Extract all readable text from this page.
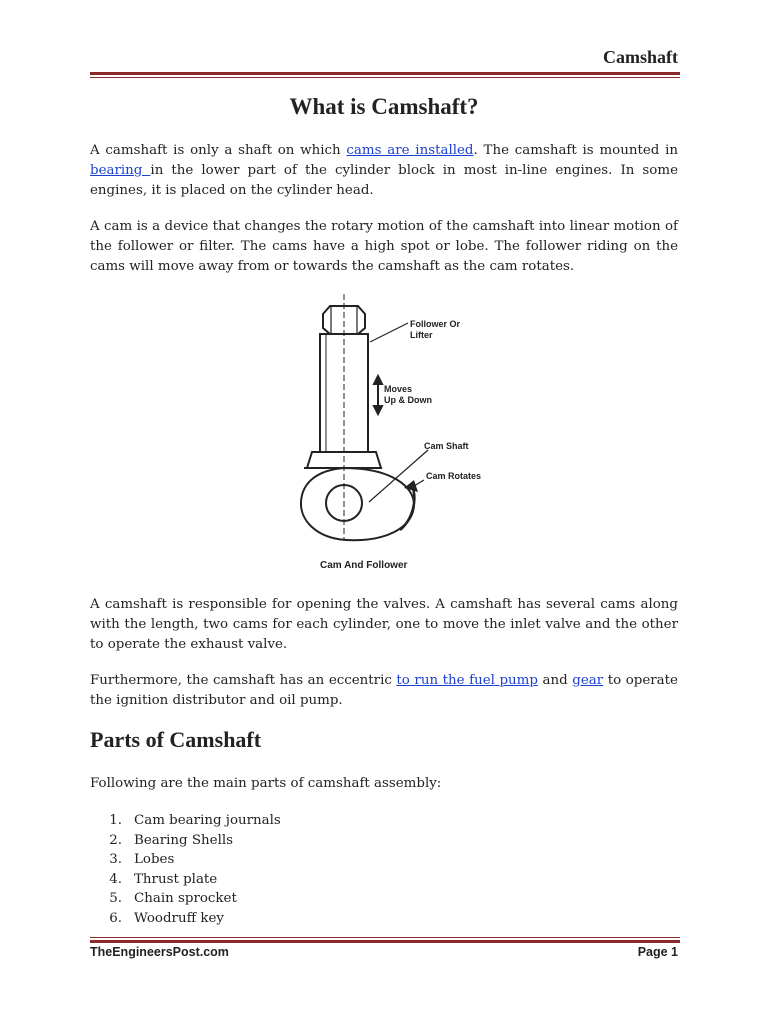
Camshaft
What is Camshaft?

A camshaft is only a shaft on which cams are installed. The camshaft is mounted in bearing in the lower part of the cylinder block in most in-line engines. In some engines, it is placed on the cylinder head.

A cam is a device that changes the rotary motion of the camshaft into linear motion of the follower or filter. The cams have a high spot or lobe. The follower riding on the cams will move away from or towards the camshaft as the cam rotates.

Follower Or
Lifter
Moves
Up & Down
Cam Shaft
Cam Rotates
Cam And Follower

A camshaft is responsible for opening the valves. A camshaft has several cams along with the length, two cams for each cylinder, one to move the inlet valve and the other to operate the exhaust valve.

Furthermore, the camshaft has an eccentric to run the fuel pump and gear to operate the ignition distributor and oil pump.

Parts of Camshaft

Following are the main parts of camshaft assembly:

1. Cam bearing journals
2. Bearing Shells
3. Lobes
4. Thrust plate
5. Chain sprocket
6. Woodruff key
TheEngineersPost.com	Page 1
